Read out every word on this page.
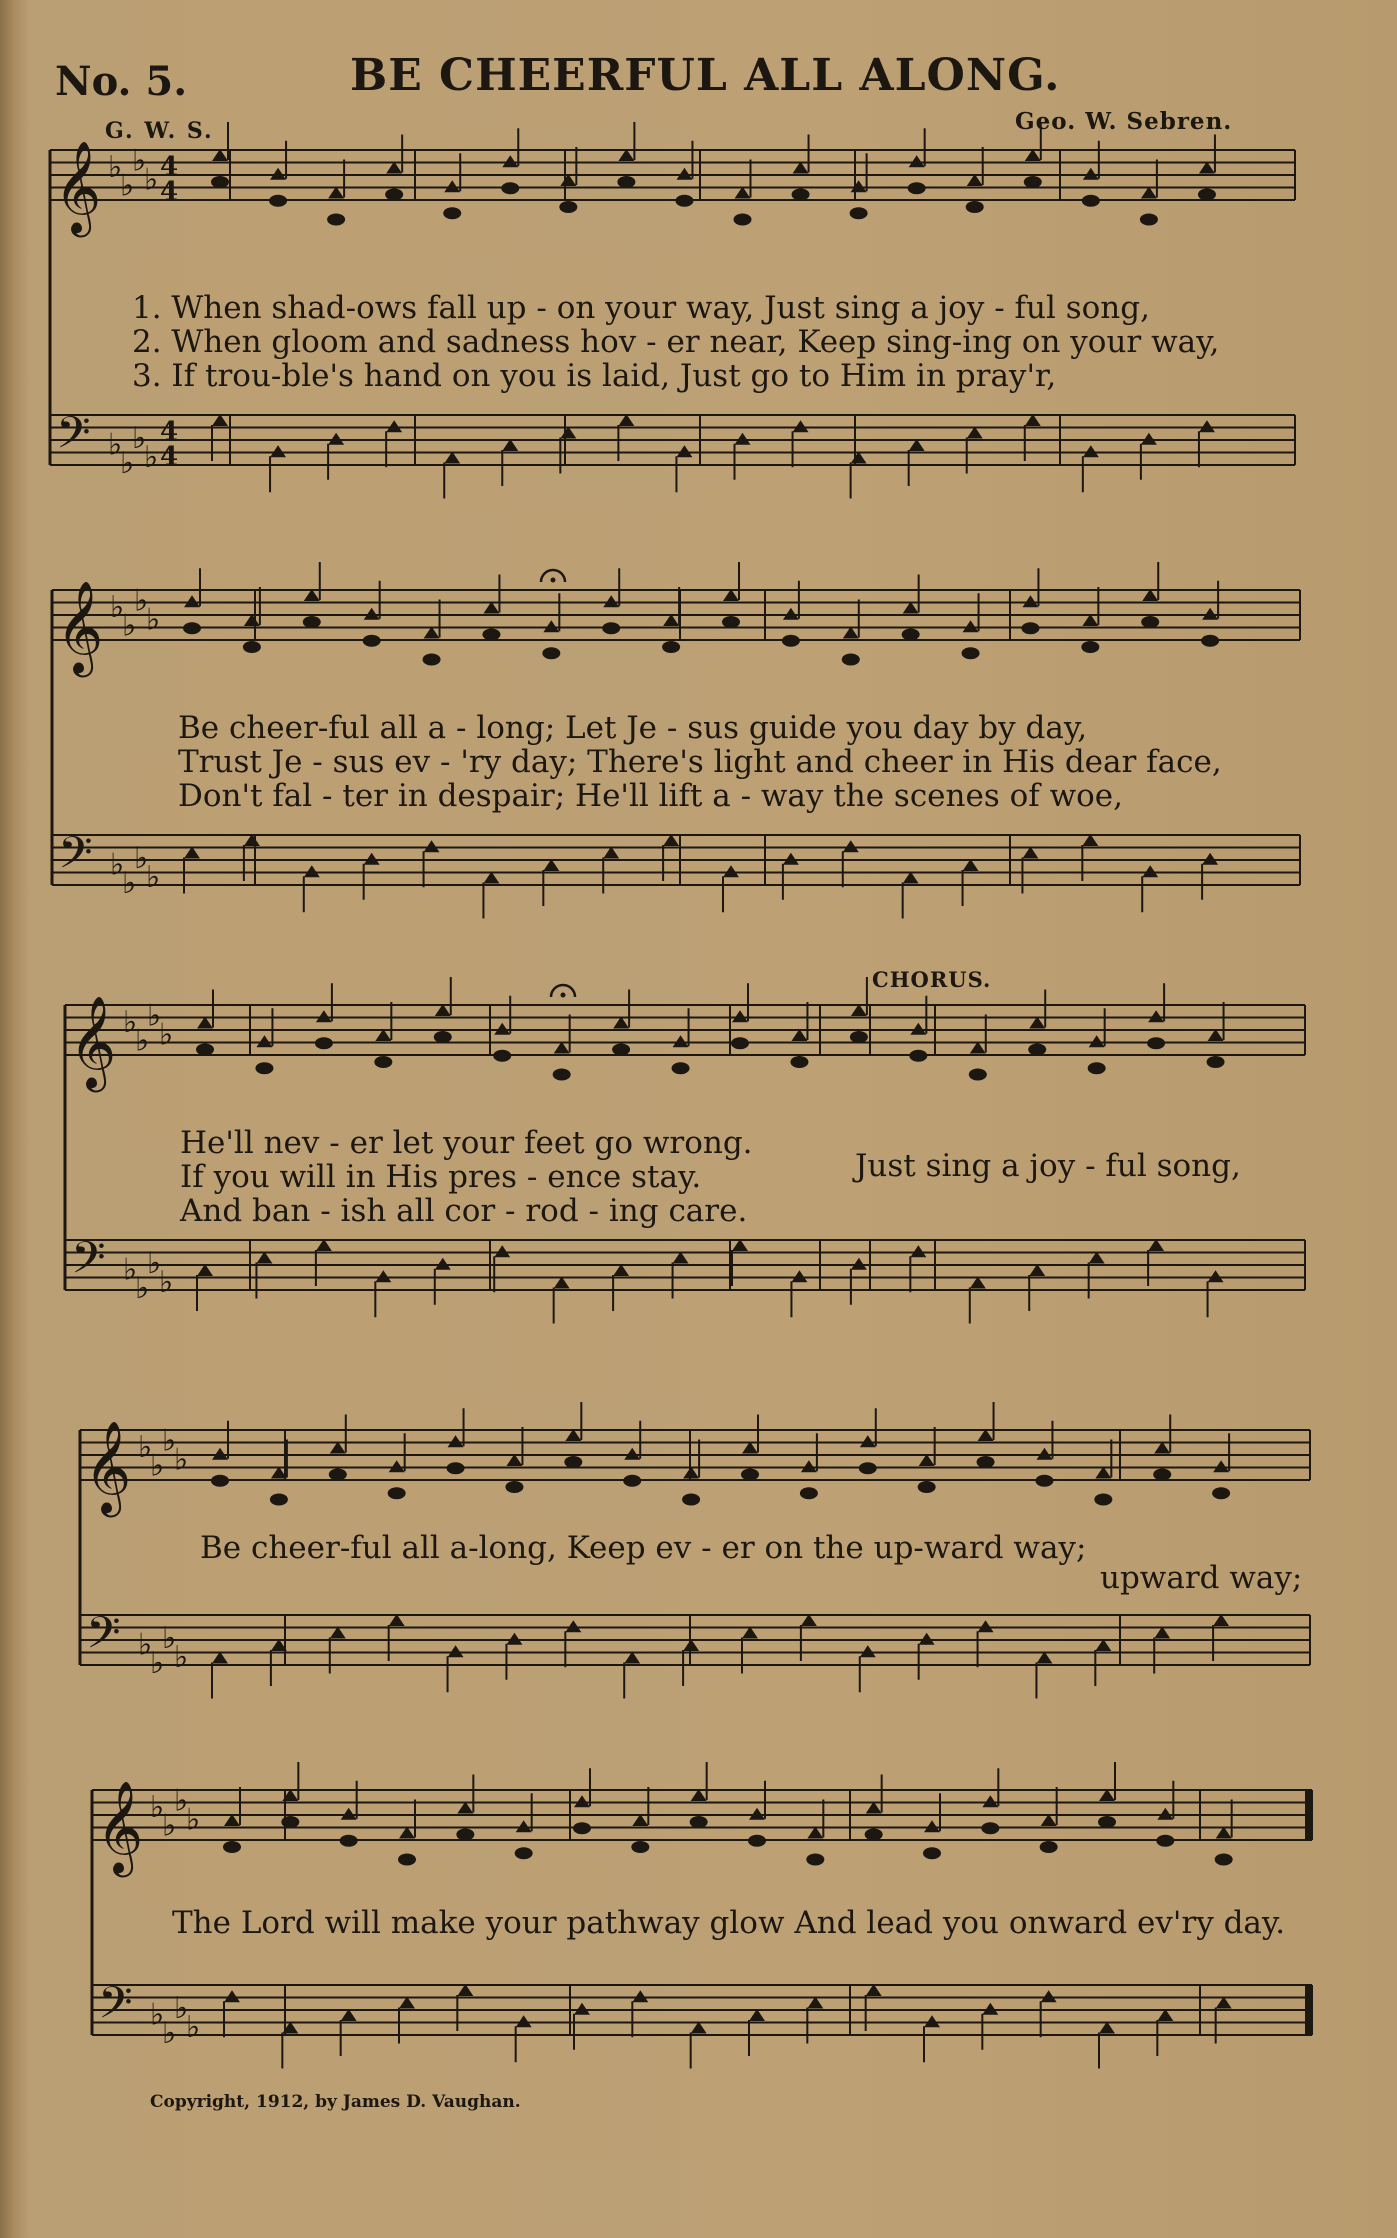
No. 5.	BE CHEERFUL ALL ALONG.
G. W. S.	Geo. W. Sebren.
𝄞 ♭
♭
♭
♭ 4
4
𝄢 ♭
♭
♭
♭
4
4
𝄞 ♭
♭
♭
♭
𝄢 ♭
♭
♭
♭
𝄞 ♭
♭
♭
♭
𝄢 ♭
♭
♭
♭
𝄞 ♭
♭
♭
♭
𝄢 ♭
♭
♭
♭
𝄞 ♭
♭
♭
♭
𝄢 ♭
♭
♭
♭
1. When shad-ows fall up - on your way, Just sing a joy - ful song,
2. When gloom and sadness hov - er near, Keep sing-ing on your way,
3. If trou-ble's hand on you is laid, Just go to Him in pray'r,
Be cheer-ful all a - long; Let Je - sus guide you day by day,
Trust Je - sus ev - 'ry day; There's light and cheer in His dear face,
Don't fal - ter in despair; He'll lift a - way the scenes of woe,
CHORUS.
He'll nev - er let your feet go wrong.
If you will in His pres - ence stay.
And ban - ish all cor - rod - ing care.
Just sing a joy - ful song,
Be cheer-ful all a-long, Keep ev - er on the up-ward way;
upward way;
The Lord will make your pathway glow And lead you onward ev'ry day.
Copyright, 1912, by James D. Vaughan.
